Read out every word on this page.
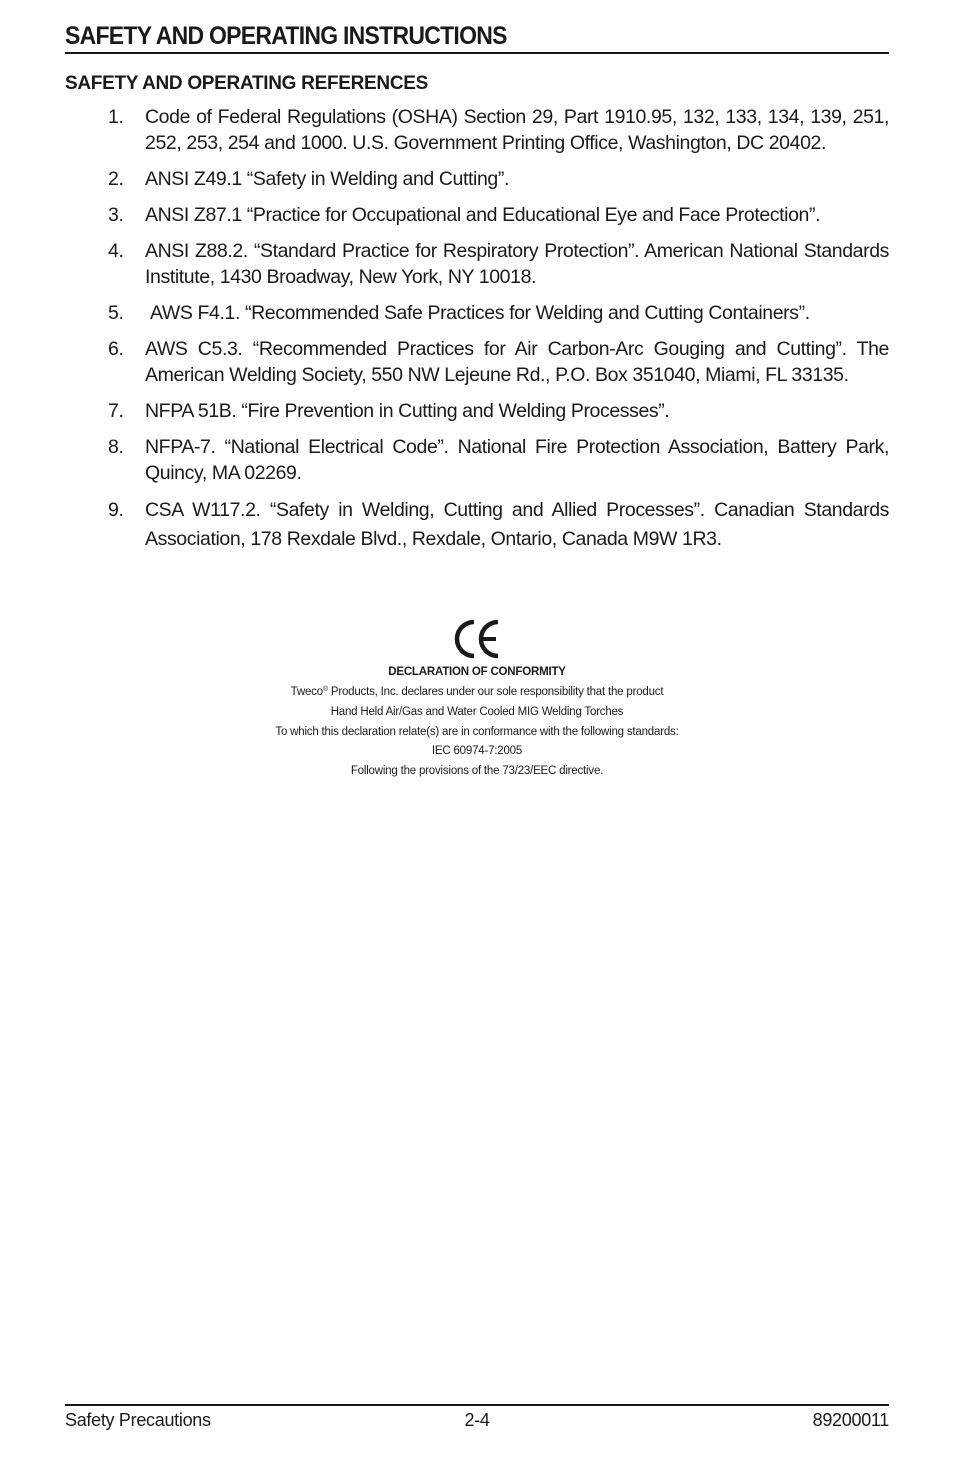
SAFETY AND OPERATING INSTRUCTIONS
SAFETY AND OPERATING REFERENCES
1. Code of Federal Regulations (OSHA) Section 29, Part 1910.95, 132, 133, 134, 139, 251, 252, 253, 254 and 1000. U.S. Government Printing Office, Washington, DC 20402.
2. ANSI Z49.1 “Safety in Welding and Cutting”.
3. ANSI Z87.1 “Practice for Occupational and Educational Eye and Face Protection”.
4. ANSI Z88.2. “Standard Practice for Respiratory Protection”. American National Standards Institute, 1430 Broadway, New York, NY 10018.
5. AWS F4.1. “Recommended Safe Practices for Welding and Cutting Containers”.
6. AWS C5.3. “Recommended Practices for Air Carbon-Arc Gouging and Cutting”. The American Welding Society, 550 NW Lejeune Rd., P.O. Box 351040, Miami, FL 33135.
7. NFPA 51B. “Fire Prevention in Cutting and Welding Processes”.
8. NFPA-7. “National Electrical Code”. National Fire Protection Association, Battery Park, Quincy, MA 02269.
9. CSA W117.2. “Safety in Welding, Cutting and Allied Processes”. Canadian Standards Association, 178 Rexdale Blvd., Rexdale, Ontario, Canada M9W 1R3.
DECLARATION OF CONFORMITY
Tweco® Products, Inc. declares under our sole responsibility that the product
Hand Held Air/Gas and Water Cooled MIG Welding Torches
To which this declaration relate(s) are in conformance with the following standards:
IEC 60974-7:2005
Following the provisions of the 73/23/EEC directive.
Safety Precautions	2-4	89200011
